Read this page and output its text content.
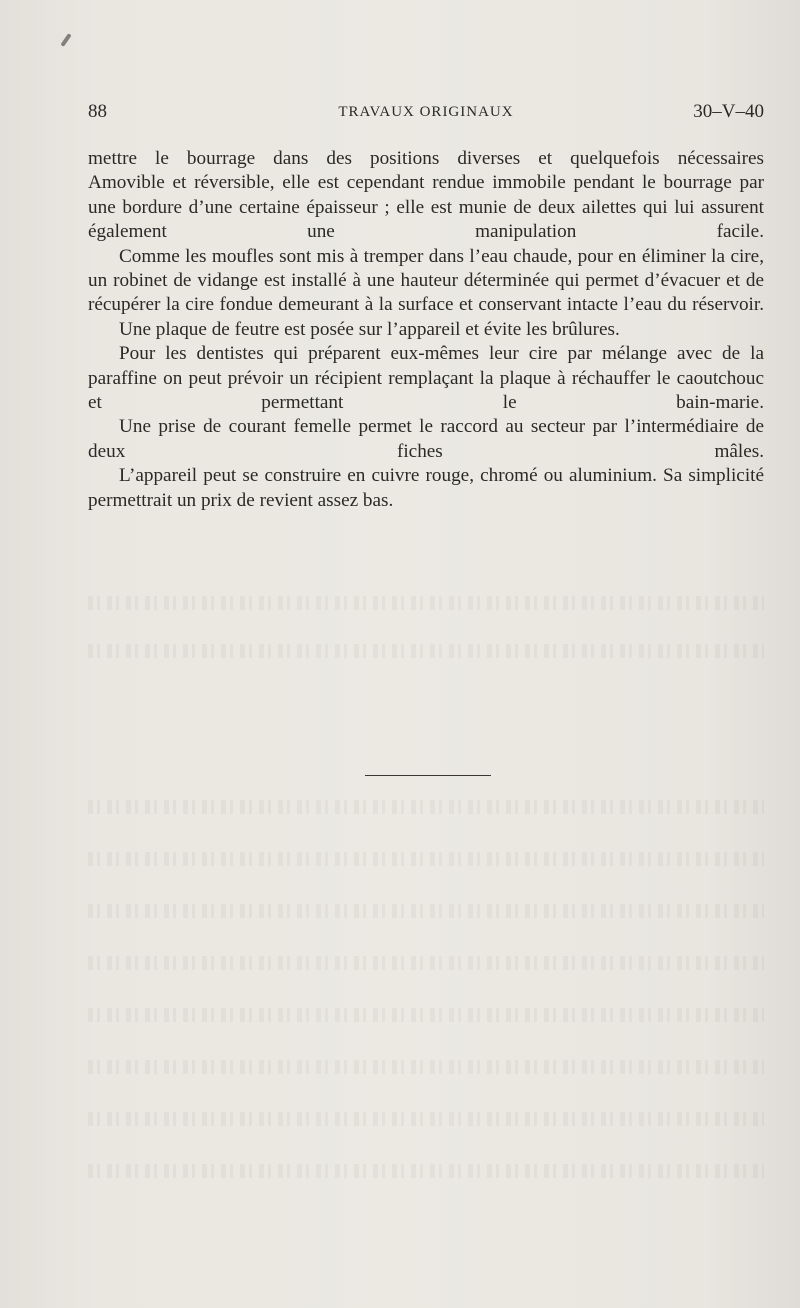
88	TRAVAUX ORIGINAUX	30–V–40

mettre le bourrage dans des positions diverses et quelquefois nécessaires

Amovible et réversible, elle est cependant rendue immobile pendant le bourrage par une bordure d’une certaine épaisseur ; elle est munie de deux ailettes qui lui assurent également une manipulation facile.

Comme les moufles sont mis à tremper dans l’eau chaude, pour en éliminer la cire, un robinet de vidange est installé à une hauteur déterminée qui permet d’évacuer et de récupérer la cire fondue demeurant à la surface et conservant intacte l’eau du réservoir.

Une plaque de feutre est posée sur l’appareil et évite les brûlures.

Pour les dentistes qui préparent eux-mêmes leur cire par mélange avec de la paraffine on peut prévoir un récipient remplaçant la plaque à réchauffer le caoutchouc et permettant le bain-marie.

Une prise de courant femelle permet le raccord au secteur par l’intermédiaire de deux fiches mâles.

L’appareil peut se construire en cuivre rouge, chromé ou aluminium. Sa simplicité permettrait un prix de revient assez bas.
